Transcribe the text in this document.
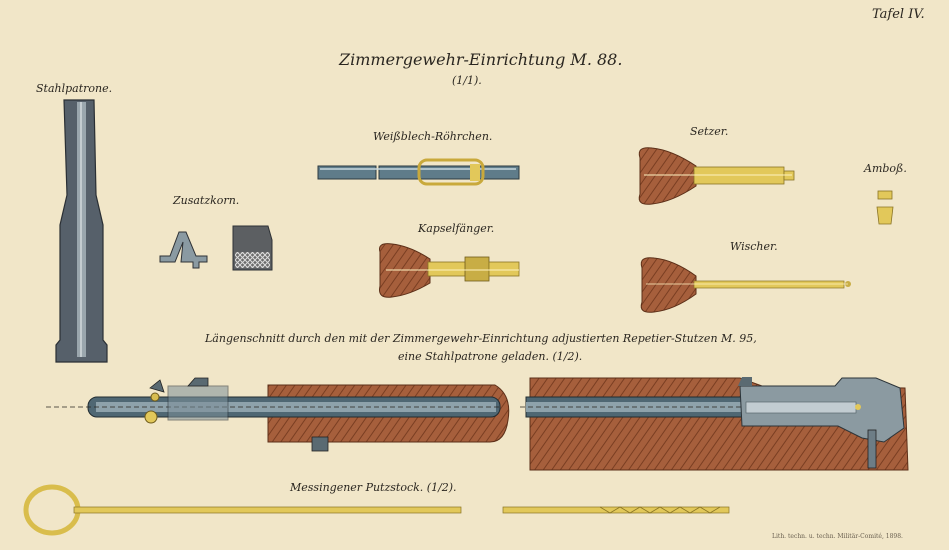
Tafel IV.
Zimmergewehr-Einrichtung M. 88.
(1/1).
Stahlpatrone.
Zusatzkorn.
Weißblech-Röhrchen.
Kapselfänger.
Setzer.
Wischer.
Amboß.
Längenschnitt durch den mit der Zimmergewehr-Einrichtung adjustierten Repetier-Stutzen M. 95,
eine Stahlpatrone geladen. (1/2).
Messingener Putzstock. (1/2).
Lith. techn. u. techn. Militär-Comité, 1898.
